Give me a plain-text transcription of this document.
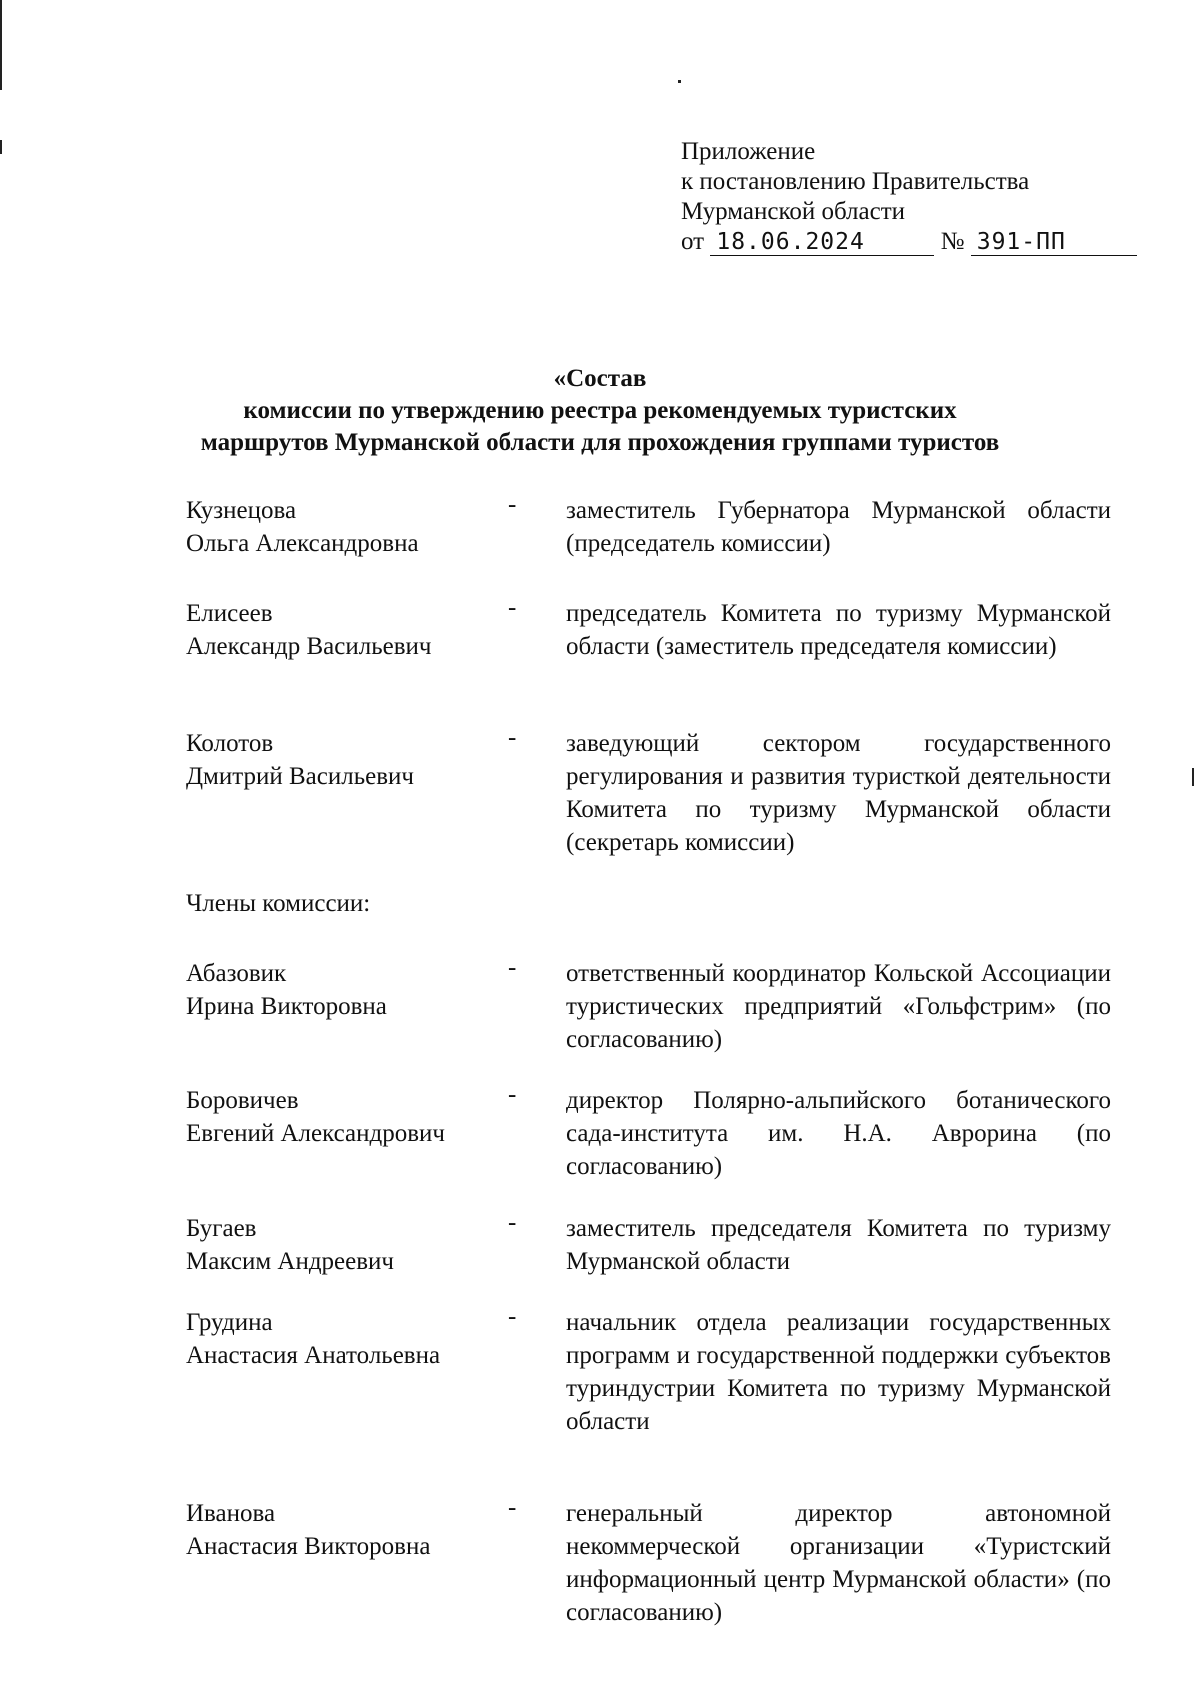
Приложение
к постановлению Правительства
Мурманской области
от 18.06.2024	№ 391-ПП
«Состав
комиссии по утверждению реестра рекомендуемых туристских
маршрутов Мурманской области для прохождения группами туристов
Кузнецова
Ольга Александровна
- заместитель Губернатора Мурманской области (председатель комиссии)
Елисеев
Александр Васильевич
- председатель Комитета по туризму Мурманской области (заместитель председателя комиссии)
Колотов
Дмитрий Васильевич
- заведующий сектором государственного регулирования и развития туристкой деятельности Комитета по туризму Мурманской области (секретарь комиссии)
Члены комиссии:
Абазовик
Ирина Викторовна
- ответственный координатор Кольской Ассоциации туристических предприятий «Гольфстрим» (по согласованию)
Боровичев
Евгений Александрович
- директор Полярно-альпийского ботанического сада-института им. Н.А. Аврорина (по согласованию)
Бугаев
Максим Андреевич
- заместитель председателя Комитета по туризму Мурманской области
Грудина
Анастасия Анатольевна
- начальник отдела реализации государственных программ и государственной поддержки субъектов туриндустрии Комитета по туризму Мурманской области
Иванова
Анастасия Викторовна
- генеральный директор автономной некоммерческой организации «Туристский информационный центр Мурманской области» (по согласованию)
